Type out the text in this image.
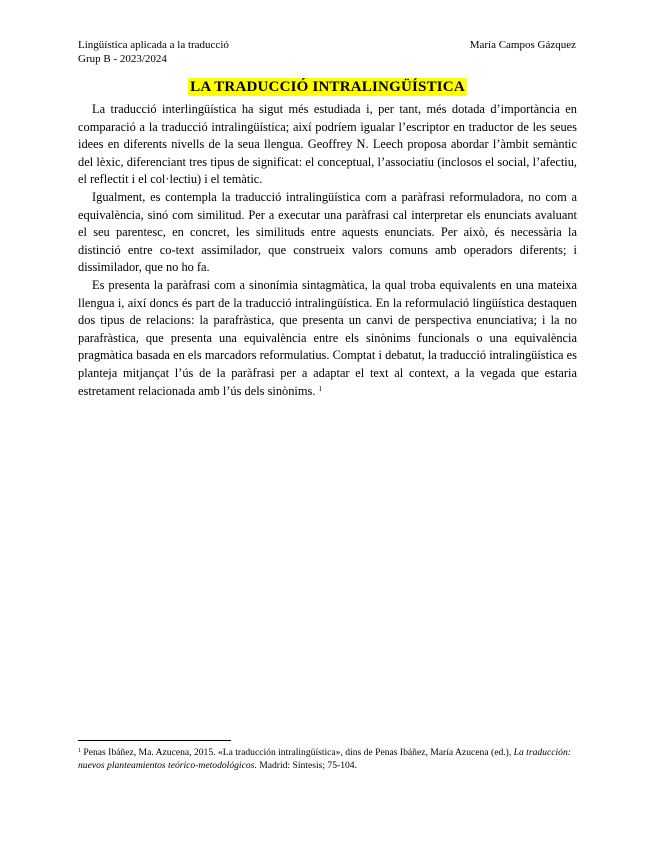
Lingüística aplicada a la traducció
Grup B - 2023/2024
María Campos Gázquez
LA TRADUCCIÓ INTRALINGÜÍSTICA

La traducció interlingüística ha sigut més estudiada i, per tant, més dotada d’importància en comparació a la traducció intralingüística; així podríem igualar l’escriptor en traductor de les seues idees en diferents nivells de la seua llengua. Geoffrey N. Leech proposa abordar l’àmbit semàntic del lèxic, diferenciant tres tipus de significat: el conceptual, l’associatiu (inclosos el social, l’afectiu, el reflectit i el col·lectiu) i el temàtic.

Igualment, es contempla la traducció intralingüística com a paràfrasi reformuladora, no com a equivalència, sinó com similitud. Per a executar una paràfrasi cal interpretar els enunciats avaluant el seu parentesc, en concret, les similituds entre aquests enunciats. Per això, és necessària la distinció entre co-text assimilador, que construeix valors comuns amb operadors diferents; i dissimilador, que no ho fa.

Es presenta la paràfrasi com a sinonímia sintagmàtica, la qual troba equivalents en una mateixa llengua i, així doncs és part de la traducció intralingüística. En la reformulació lingüística destaquen dos tipus de relacions: la parafràstica, que presenta un canvi de perspectiva enunciativa; i la no parafràstica, que presenta una equivalència entre els sinònims funcionals o una equivalència pragmàtica basada en els marcadors reformulatius. Comptat i debatut, la traducció intralingüística es planteja mitjançat l’ús de la paràfrasi per a adaptar el text al context, a la vegada que estaria estretament relacionada amb l’ús dels sinònims. $^1$

$^1$ Penas Ibáñez, Ma. Azucena, 2015. «La traducción intralingüística», dins de Penas Ibáñez, María Azucena (ed.), La traducción: nuevos planteamientos teórico-metodológicos. Madrid: Síntesis; 75-104.
